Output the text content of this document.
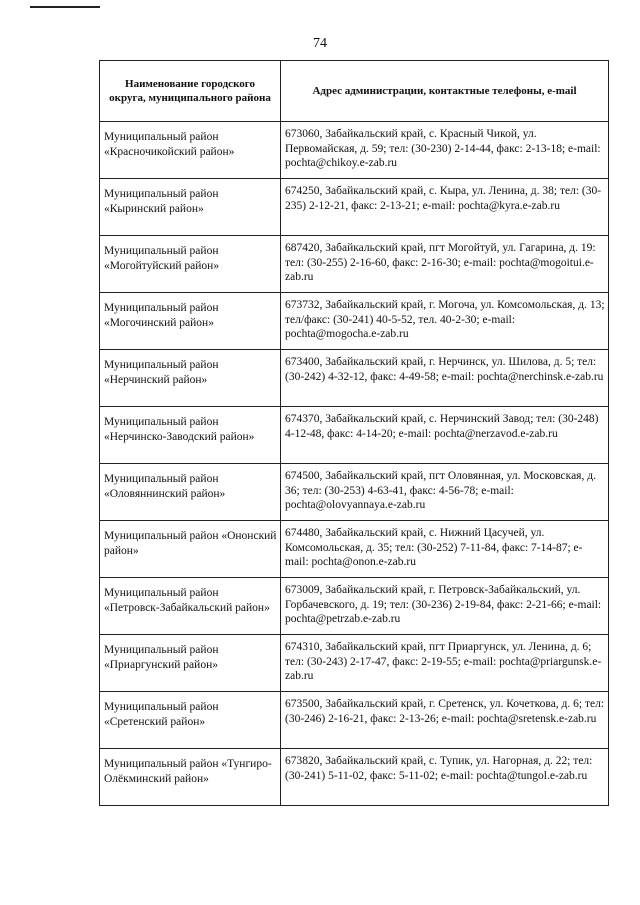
74
Наименование городского округа, муниципального района	Адрес администрации, контактные телефоны, e-mail
Муниципальный район «Красночикойский район»	673060, Забайкальский край, с. Красный Чикой, ул. Первомайская, д. 59; тел: (30-230) 2-14-44, факс: 2-13-18; e-mail: pochta@chikoy.e-zab.ru
Муниципальный район «Кыринский район»	674250, Забайкальский край, с. Кыра, ул. Ленина, д. 38; тел: (30-235) 2-12-21, факс: 2-13-21; e-mail: pochta@kyra.e-zab.ru
Муниципальный район «Могойтуйский район»	687420, Забайкальский край, пгт Могойтуй, ул. Гагарина, д. 19: тел: (30-255) 2-16-60, факс: 2-16-30; e-mail: pochta@mogoitui.e-zab.ru
Муниципальный район «Могочинский район»	673732, Забайкальский край, г. Могоча, ул. Комсомольская, д. 13; тел/факс: (30-241) 40-5-52, тел. 40-2-30; e-mail: pochta@mogocha.e-zab.ru
Муниципальный район «Нерчинский район»	673400, Забайкальский край, г. Нерчинск, ул. Шилова, д. 5; тел: (30-242) 4-32-12, факс: 4-49-58; e-mail: pochta@nerchinsk.e-zab.ru
Муниципальный район «Нерчинско-Заводский район»	674370, Забайкальский край, с. Нерчинский Завод; тел: (30-248) 4-12-48, факс: 4-14-20; e-mail: pochta@nerzavod.e-zab.ru
Муниципальный район «Оловяннинский район»	674500, Забайкальский край, пгт Оловянная, ул. Московская, д. 36; тел: (30-253) 4-63-41, факс: 4-56-78; e-mail: pochta@olovyannaya.e-zab.ru
Муниципальный район «Ононский район»	674480, Забайкальский край, с. Нижний Цасучей, ул. Комсомольская, д. 35; тел: (30-252) 7-11-84, факс: 7-14-87; e-mail: pochta@onon.e-zab.ru
Муниципальный район «Петровск-Забайкальский район»	673009, Забайкальский край, г. Петровск-Забайкальский, ул. Горбачевского, д. 19; тел: (30-236) 2-19-84, факс: 2-21-66; e-mail: pochta@petrzab.e-zab.ru
Муниципальный район «Приаргунский район»	674310, Забайкальский край, пгт Приаргунск, ул. Ленина, д. 6; тел: (30-243) 2-17-47, факс: 2-19-55; e-mail: pochta@priargunsk.e-zab.ru
Муниципальный район «Сретенский район»	673500, Забайкальский край, г. Сретенск, ул. Кочеткова, д. 6; тел: (30-246) 2-16-21, факс: 2-13-26; e-mail: pochta@sretensk.e-zab.ru
Муниципальный район «Тунгиро-Олёкминский район»	673820, Забайкальский край, с. Тупик, ул. Нагорная, д. 22; тел: (30-241) 5-11-02, факс: 5-11-02; e-mail: pochta@tungol.e-zab.ru
